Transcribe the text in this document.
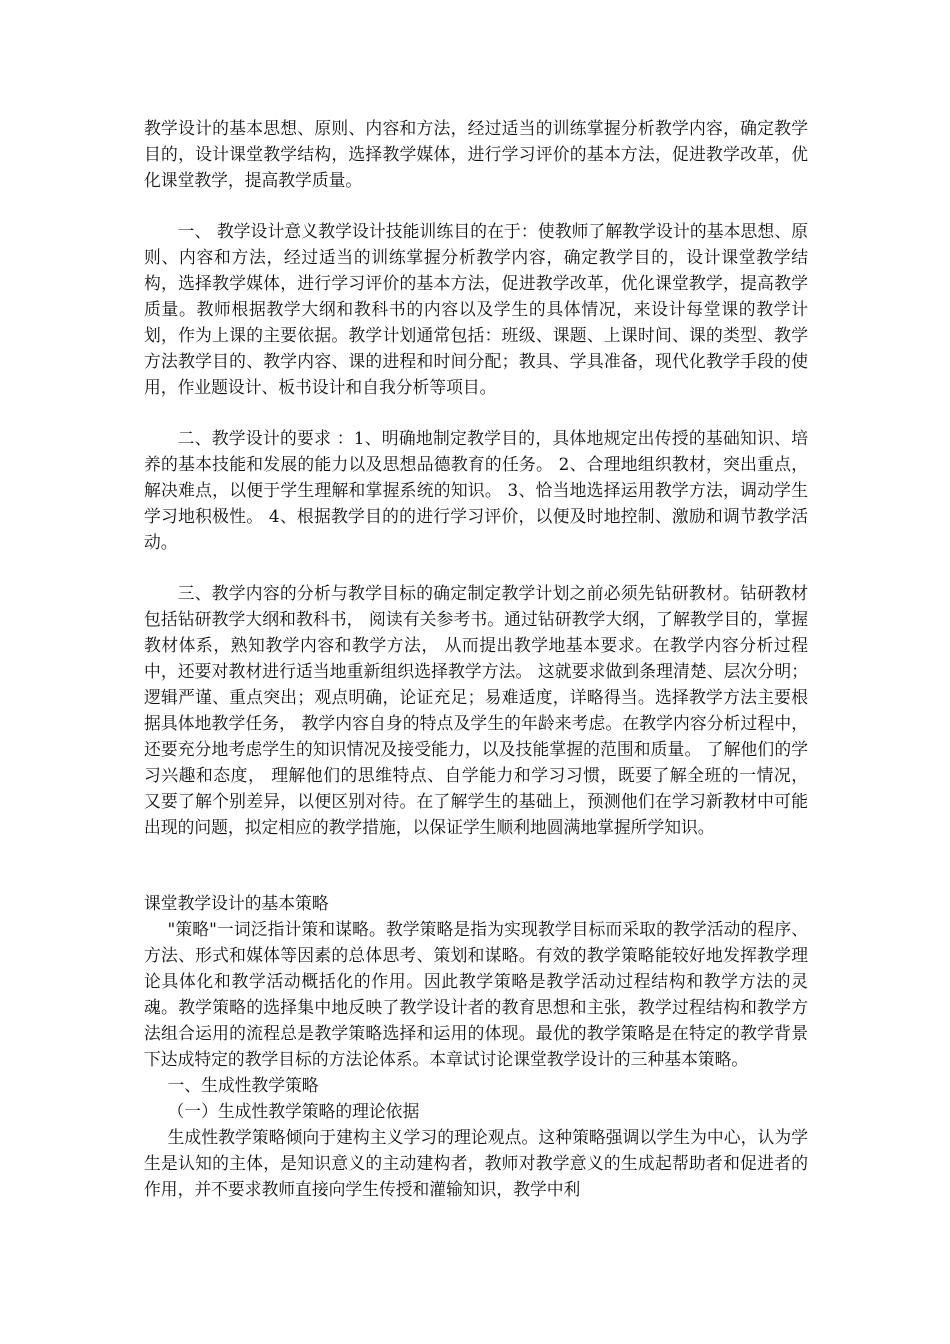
教学设计的基本思想、原则、内容和方法，经过适当的训练掌握分析教学内容，确定教学目的，设计课堂教学结构，选择教学媒体，进行学习评价的基本方法，促进教学改革，优化课堂教学，提高教学质量。

一、 教学设计意义教学设计技能训练目的在于：使教师了解教学设计的基本思想、原则、内容和方法，经过适当的训练掌握分析教学内容，确定教学目的，设计课堂教学结构，选择教学媒体，进行学习评价的基本方法，促进教学改革，优化课堂教学，提高教学质量。教师根据教学大纲和教科书的内容以及学生的具体情况，来设计每堂课的教学计划，作为上课的主要依据。教学计划通常包括：班级、课题、上课时间、课的类型、教学方法教学目的、教学内容、课的进程和时间分配；教具、学具准备，现代化教学手段的使用，作业题设计、板书设计和自我分析等项目。

二、教学设计的要求 ：1、明确地制定教学目的，具体地规定出传授的基础知识、培养的基本技能和发展的能力以及思想品德教育的任务。 2、合理地组织教材，突出重点，解决难点，以便于学生理解和掌握系统的知识。 3、恰当地选择运用教学方法，调动学生学习地积极性。 4、根据教学目的的进行学习评价，以便及时地控制、激励和调节教学活动。

三、教学内容的分析与教学目标的确定制定教学计划之前必须先钻研教材。钻研教材包括钻研教学大纲和教科书， 阅读有关参考书。通过钻研教学大纲，了解教学目的，掌握教材体系，熟知教学内容和教学方法， 从而提出教学地基本要求。在教学内容分析过程中，还要对教材进行适当地重新组织选择教学方法。 这就要求做到条理清楚、层次分明；逻辑严谨、重点突出；观点明确，论证充足；易难适度，详略得当。选择教学方法主要根据具体地教学任务， 教学内容自身的特点及学生的年龄来考虑。在教学内容分析过程中，还要充分地考虑学生的知识情况及接受能力，以及技能掌握的范围和质量。 了解他们的学习兴趣和态度， 理解他们的思维特点、自学能力和学习习惯，既要了解全班的一情况， 又要了解个别差异，以便区别对待。在了解学生的基础上，预测他们在学习新教材中可能出现的问题，拟定相应的教学措施，以保证学生顺利地圆满地掌握所学知识。

课堂教学设计的基本策略

"策略"一词泛指计策和谋略。教学策略是指为实现教学目标而采取的教学活动的程序、方法、形式和媒体等因素的总体思考、策划和谋略。有效的教学策略能较好地发挥教学理论具体化和教学活动概括化的作用。因此教学策略是教学活动过程结构和教学方法的灵魂。教学策略的选择集中地反映了教学设计者的教育思想和主张，教学过程结构和教学方法组合运用的流程总是教学策略选择和运用的体现。最优的教学策略是在特定的教学背景下达成特定的教学目标的方法论体系。本章试讨论课堂教学设计的三种基本策略。

一、生成性教学策略

（一）生成性教学策略的理论依据

生成性教学策略倾向于建构主义学习的理论观点。这种策略强调以学生为中心，认为学生是认知的主体，是知识意义的主动建构者，教师对教学意义的生成起帮助者和促进者的作用，并不要求教师直接向学生传授和灌输知识，教学中利
